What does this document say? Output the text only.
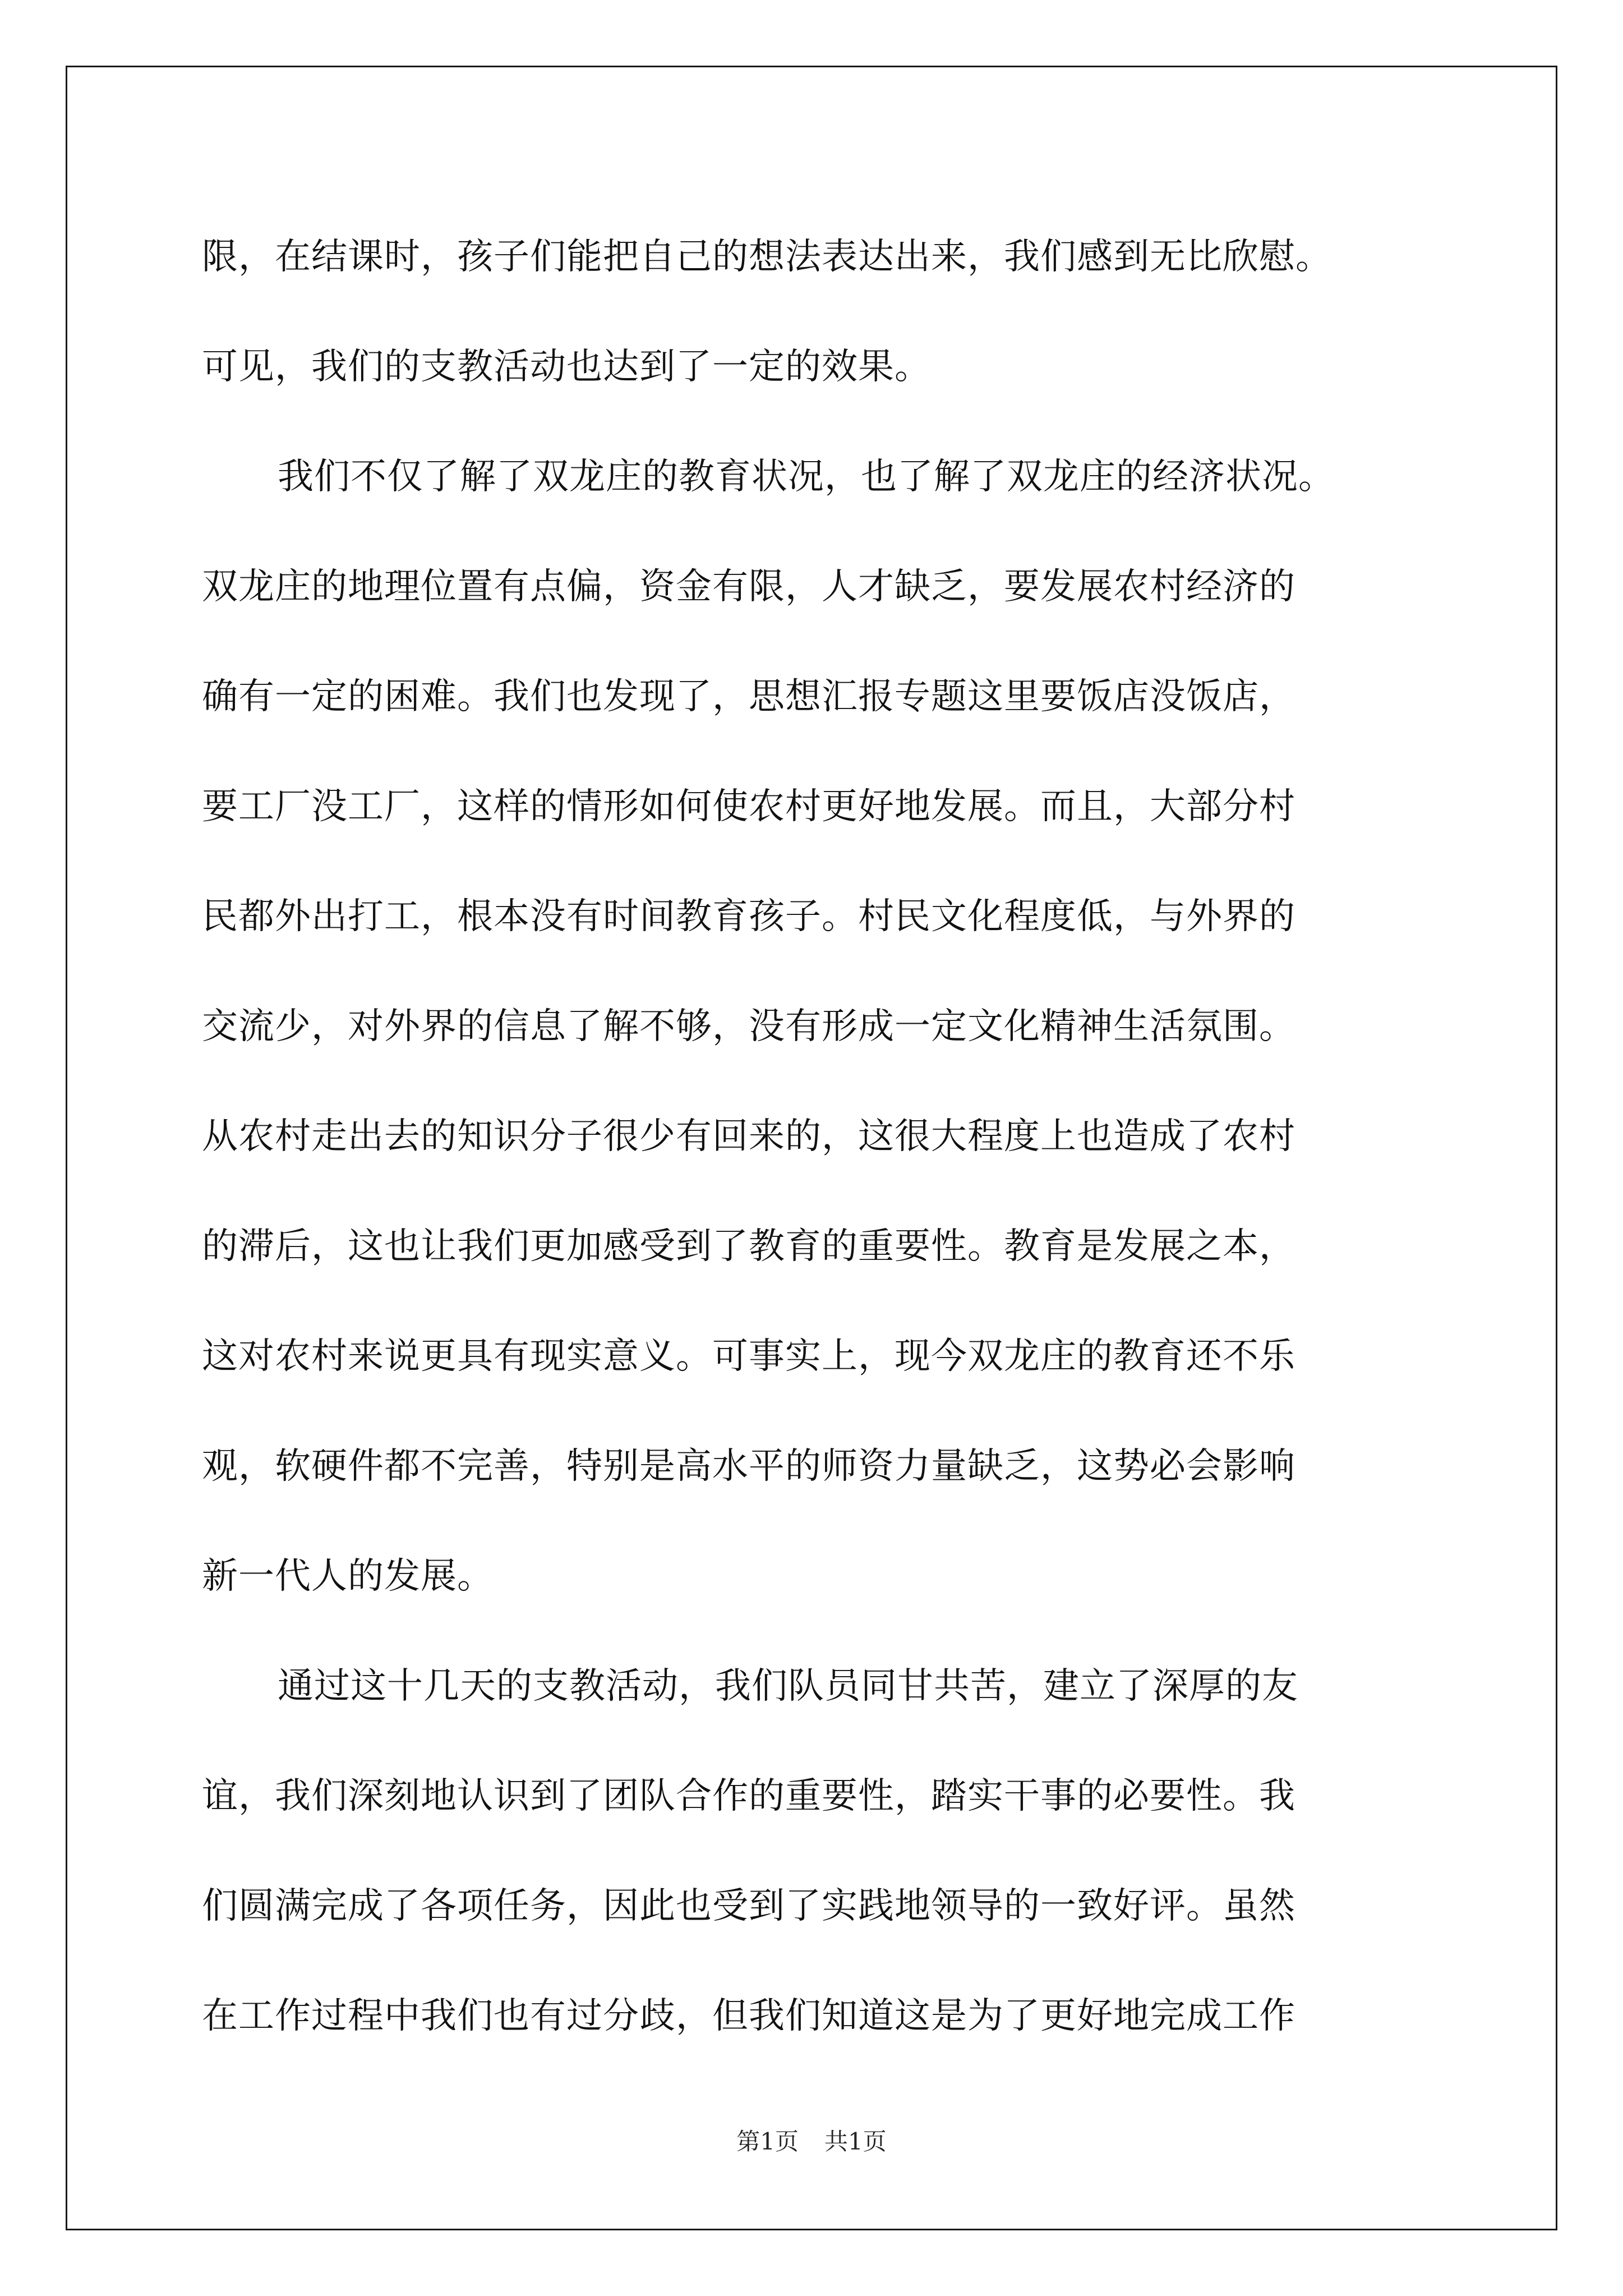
限，在结课时，孩子们能把自己的想法表达出来，我们感到无比欣慰。
可见，我们的支教活动也达到了一定的效果。
我们不仅了解了双龙庄的教育状况，也了解了双龙庄的经济状况。
双龙庄的地理位置有点偏，资金有限，人才缺乏，要发展农村经济的
确有一定的困难。我们也发现了，思想汇报专题这里要饭店没饭店，
要工厂没工厂，这样的情形如何使农村更好地发展。而且，大部分村
民都外出打工，根本没有时间教育孩子。村民文化程度低，与外界的
交流少，对外界的信息了解不够，没有形成一定文化精神生活氛围。
从农村走出去的知识分子很少有回来的，这很大程度上也造成了农村
的滞后，这也让我们更加感受到了教育的重要性。教育是发展之本，
这对农村来说更具有现实意义。可事实上，现今双龙庄的教育还不乐
观，软硬件都不完善，特别是高水平的师资力量缺乏，这势必会影响
新一代人的发展。
通过这十几天的支教活动，我们队员同甘共苦，建立了深厚的友
谊，我们深刻地认识到了团队合作的重要性，踏实干事的必要性。我
们圆满完成了各项任务，因此也受到了实践地领导的一致好评。虽然
在工作过程中我们也有过分歧，但我们知道这是为了更好地完成工作
第1页 共1页
